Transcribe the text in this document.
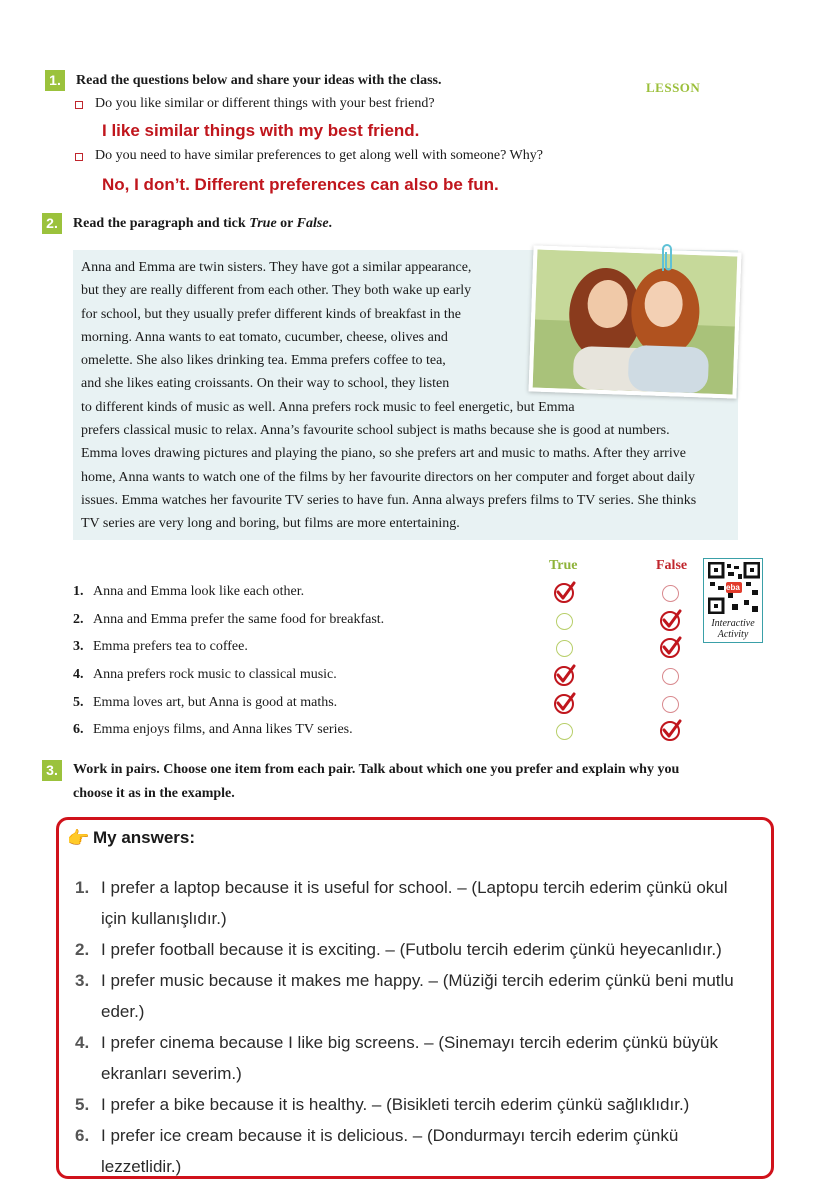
LESSON
1. Read the questions below and share your ideas with the class.
Do you like similar or different things with your best friend?
I like similar things with my best friend.
Do you need to have similar preferences to get along well with someone? Why?
No, I don’t. Different preferences can also be fun.
2. Read the paragraph and tick True or False.
Anna and Emma are twin sisters. They have got a similar appearance,
but they are really different from each other. They both wake up early
for school, but they usually prefer different kinds of breakfast in the
morning. Anna wants to eat tomato, cucumber, cheese, olives and
omelette. She also likes drinking tea. Emma prefers coffee to tea,
and she likes eating croissants. On their way to school, they listen
to different kinds of music as well. Anna prefers rock music to feel energetic, but Emma
prefers classical music to relax. Anna’s favourite school subject is maths because she is good at numbers.
Emma loves drawing pictures and playing the piano, so she prefers art and music to maths. After they arrive
home, Anna wants to watch one of the films by her favourite directors on her computer and forget about daily
issues. Emma watches her favourite TV series to have fun. Anna always prefers films to TV series. She thinks
TV series are very long and boring, but films are more entertaining.
True	False
1. Anna and Emma look like each other.
2. Anna and Emma prefer the same food for breakfast.
3. Emma prefers tea to coffee.
4. Anna prefers rock music to classical music.
5. Emma loves art, but Anna is good at maths.
6. Emma enjoys films, and Anna likes TV series.
eba
Interactive
Activity
3. Work in pairs. Choose one item from each pair. Talk about which one you prefer and explain why you
choose it as in the example.
👉 My answers:
1. I prefer a laptop because it is useful for school. – (Laptopu tercih ederim çünkü okul
için kullanışlıdır.)
2. I prefer football because it is exciting. – (Futbolu tercih ederim çünkü heyecanlıdır.)
3. I prefer music because it makes me happy. – (Müziği tercih ederim çünkü beni mutlu
eder.)
4. I prefer cinema because I like big screens. – (Sinemayı tercih ederim çünkü büyük
ekranları severim.)
5. I prefer a bike because it is healthy. – (Bisikleti tercih ederim çünkü sağlıklıdır.)
6. I prefer ice cream because it is delicious. – (Dondurmayı tercih ederim çünkü
lezzetlidir.)
